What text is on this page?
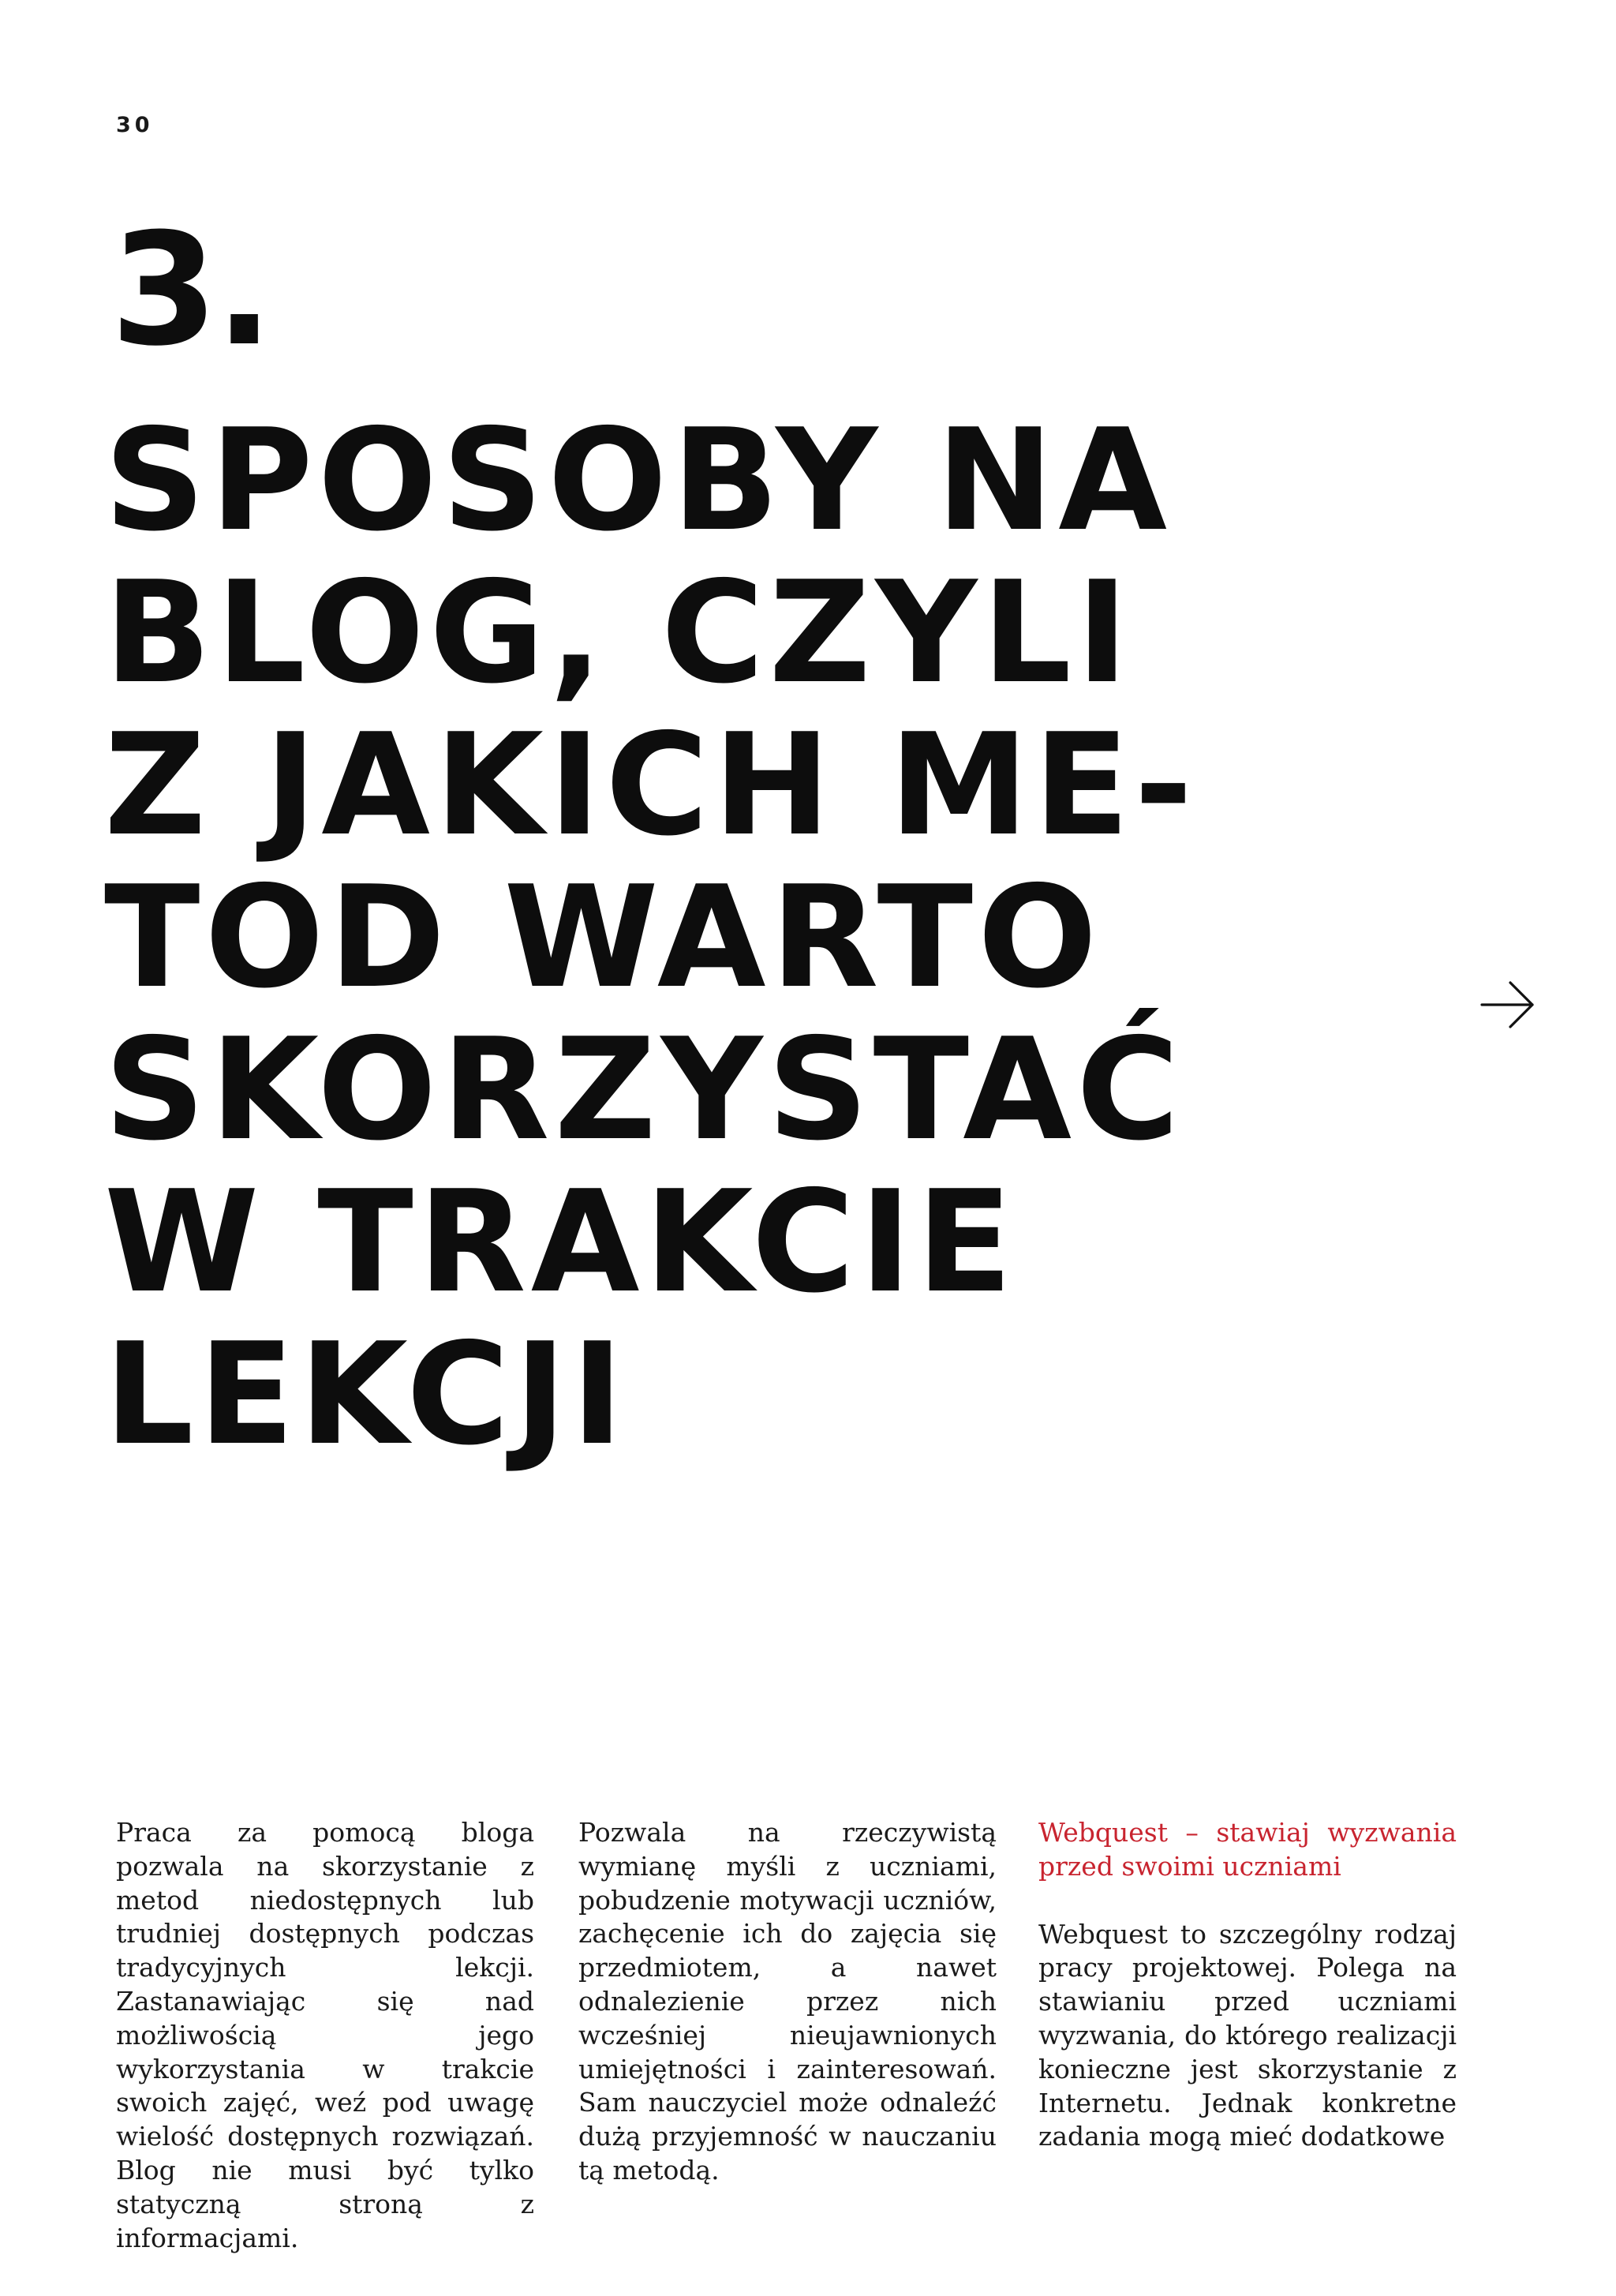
30
3.
SPOSOBY NA
BLOG, CZYLI
Z JAKICH ME-
TOD WARTO
SKORZYSTAĆ
W TRAKCIE
LEKCJI

Praca za pomocą bloga pozwala na skorzystanie z metod niedostępnych lub trudniej dostępnych podczas tradycyjnych lekcji. Zastanawiając się nad możliwością jego wykorzystania w trakcie swoich zajęć, weź pod uwagę wielość dostępnych rozwiązań. Blog nie musi być tylko statyczną stroną z informacjami.

Pozwala na rzeczywistą wymianę myśli z uczniami, pobudzenie motywacji uczniów, zachęcenie ich do zajęcia się przedmiotem, a nawet odnalezienie przez nich wcześniej nieujawnionych umiejętności i zainteresowań. Sam nauczyciel może odnaleźć dużą przyjemność w nauczaniu tą metodą.

Webquest – stawiaj wyzwania przed swoimi uczniami

Webquest to szczególny rodzaj pracy projektowej. Polega na stawianiu przed uczniami wyzwania, do którego realizacji konieczne jest skorzystanie z Internetu. Jednak konkretne zadania mogą mieć dodatkowe
